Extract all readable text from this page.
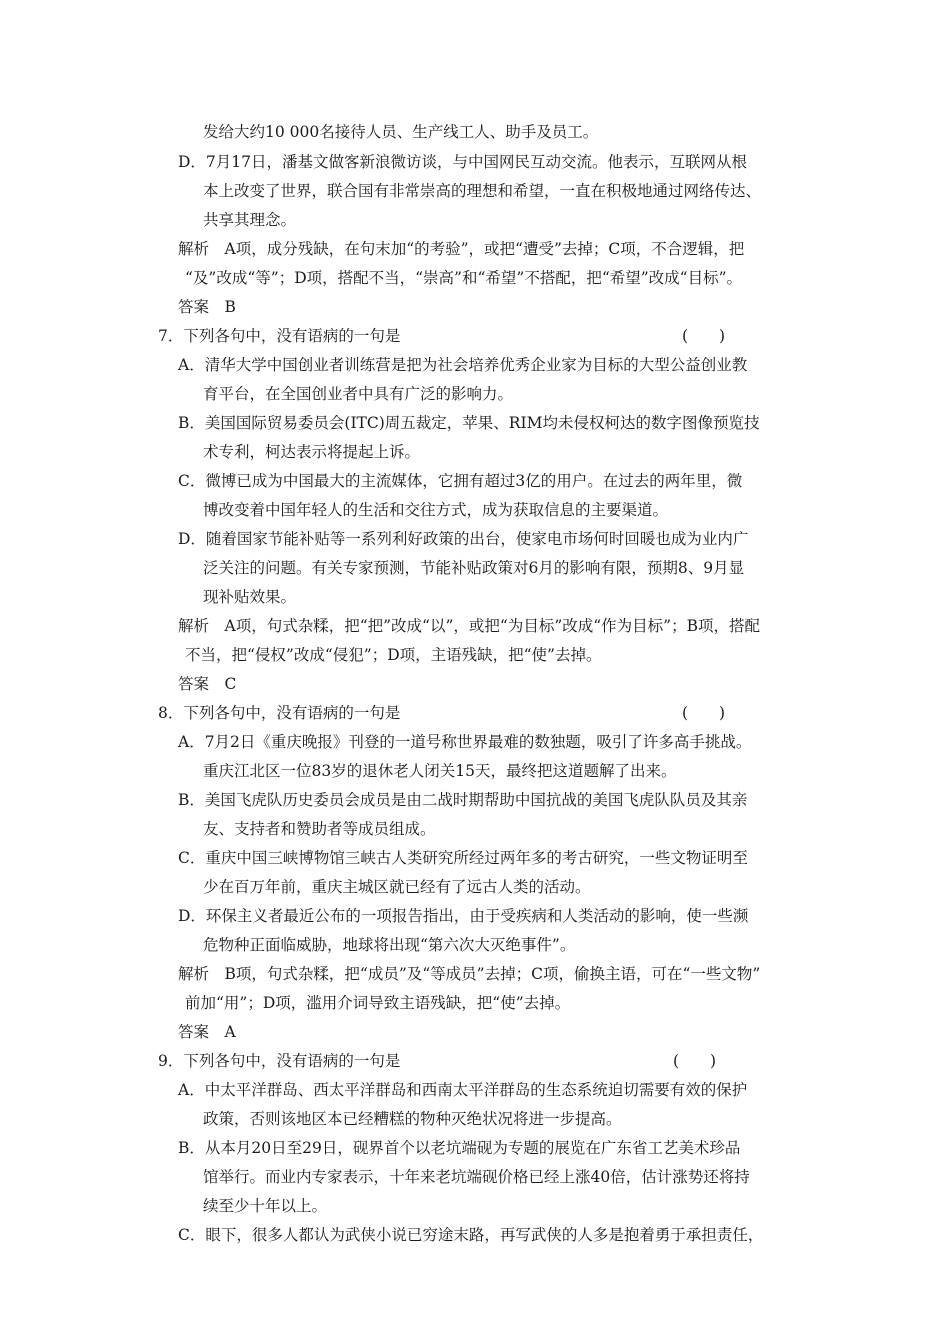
发给大约10 000名接待人员、生产线工人、助手及员工。
D．7月17日，潘基文做客新浪微访谈，与中国网民互动交流。他表示，互联网从根
本上改变了世界，联合国有非常崇高的理想和希望，一直在积极地通过网络传达、
共享其理念。
解析　A项，成分残缺，在句末加“的考验”，或把“遭受”去掉；C项，不合逻辑，把
“及”改成“等”；D项，搭配不当，“崇高”和“希望”不搭配，把“希望”改成“目标”。
答案　B
7．下列各句中，没有语病的一句是	(　　)
A．清华大学中国创业者训练营是把为社会培养优秀企业家为目标的大型公益创业教
育平台，在全国创业者中具有广泛的影响力。
B．美国国际贸易委员会(ITC)周五裁定，苹果、RIM均未侵权柯达的数字图像预览技
术专利，柯达表示将提起上诉。
C．微博已成为中国最大的主流媒体，它拥有超过3亿的用户。在过去的两年里，微
博改变着中国年轻人的生活和交往方式，成为获取信息的主要渠道。
D．随着国家节能补贴等一系列利好政策的出台，使家电市场何时回暖也成为业内广
泛关注的问题。有关专家预测，节能补贴政策对6月的影响有限，预期8、9月显
现补贴效果。
解析　A项，句式杂糅，把“把”改成“以”，或把“为目标”改成“作为目标”；B项，搭配
不当，把“侵权”改成“侵犯”；D项，主语残缺，把“使”去掉。
答案　C
8．下列各句中，没有语病的一句是	(　　)
A．7月2日《重庆晚报》刊登的一道号称世界最难的数独题，吸引了许多高手挑战。
重庆江北区一位83岁的退休老人闭关15天，最终把这道题解了出来。
B．美国飞虎队历史委员会成员是由二战时期帮助中国抗战的美国飞虎队队员及其亲
友、支持者和赞助者等成员组成。
C．重庆中国三峡博物馆三峡古人类研究所经过两年多的考古研究，一些文物证明至
少在百万年前，重庆主城区就已经有了远古人类的活动。
D．环保主义者最近公布的一项报告指出，由于受疾病和人类活动的影响，使一些濒
危物种正面临威胁，地球将出现“第六次大灭绝事件”。
解析　B项，句式杂糅，把“成员”及“等成员”去掉；C项，偷换主语，可在“一些文物”
前加“用”；D项，滥用介词导致主语残缺，把“使”去掉。
答案　A
9．下列各句中，没有语病的一句是	(　　)
A．中太平洋群岛、西太平洋群岛和西南太平洋群岛的生态系统迫切需要有效的保护
政策，否则该地区本已经糟糕的物种灭绝状况将进一步提高。
B．从本月20日至29日，砚界首个以老坑端砚为专题的展览在广东省工艺美术珍品
馆举行。而业内专家表示，十年来老坑端砚价格已经上涨40倍，估计涨势还将持
续至少十年以上。
C．眼下，很多人都认为武侠小说已穷途末路，再写武侠的人多是抱着勇于承担责任，
